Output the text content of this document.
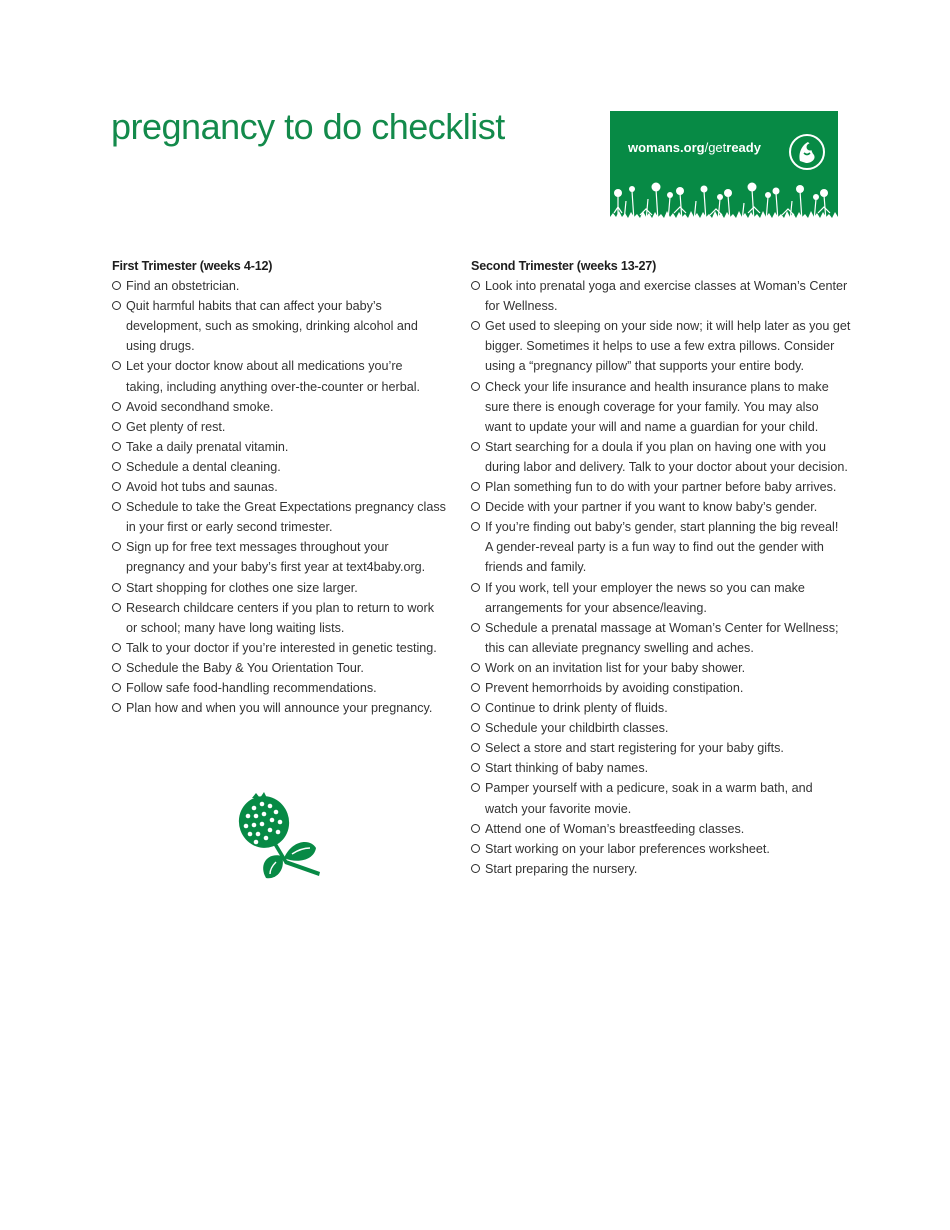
pregnancy to do checklist
womans.org/getready
First Trimester (weeks 4-12)
Find an obstetrician.
Quit harmful habits that can affect your baby’s
development, such as smoking, drinking alcohol and
using drugs.
Let your doctor know about all medications you’re
taking, including anything over-the-counter or herbal.
Avoid secondhand smoke.
Get plenty of rest.
Take a daily prenatal vitamin.
Schedule a dental cleaning.
Avoid hot tubs and saunas.
Schedule to take the Great Expectations pregnancy class
in your first or early second trimester.
Sign up for free text messages throughout your
pregnancy and your baby’s first year at text4baby.org.
Start shopping for clothes one size larger.
Research childcare centers if you plan to return to work
or school; many have long waiting lists.
Talk to your doctor if you’re interested in genetic testing.
Schedule the Baby & You Orientation Tour.
Follow safe food-handling recommendations.
Plan how and when you will announce your pregnancy.
Second Trimester (weeks 13-27)
Look into prenatal yoga and exercise classes at Woman’s Center
for Wellness.
Get used to sleeping on your side now; it will help later as you get
bigger. Sometimes it helps to use a few extra pillows. Consider
using a “pregnancy pillow” that supports your entire body.
Check your life insurance and health insurance plans to make
sure there is enough coverage for your family. You may also
want to update your will and name a guardian for your child.
Start searching for a doula if you plan on having one with you
during labor and delivery. Talk to your doctor about your decision.
Plan something fun to do with your partner before baby arrives.
Decide with your partner if you want to know baby’s gender.
If you’re finding out baby’s gender, start planning the big reveal!
A gender-reveal party is a fun way to find out the gender with
friends and family.
If you work, tell your employer the news so you can make
arrangements for your absence/leaving.
Schedule a prenatal massage at Woman’s Center for Wellness;
this can alleviate pregnancy swelling and aches.
Work on an invitation list for your baby shower.
Prevent hemorrhoids by avoiding constipation.
Continue to drink plenty of fluids.
Schedule your childbirth classes.
Select a store and start registering for your baby gifts.
Start thinking of baby names.
Pamper yourself with a pedicure, soak in a warm bath, and
watch your favorite movie.
Attend one of Woman’s breastfeeding classes.
Start working on your labor preferences worksheet.
Start preparing the nursery.
